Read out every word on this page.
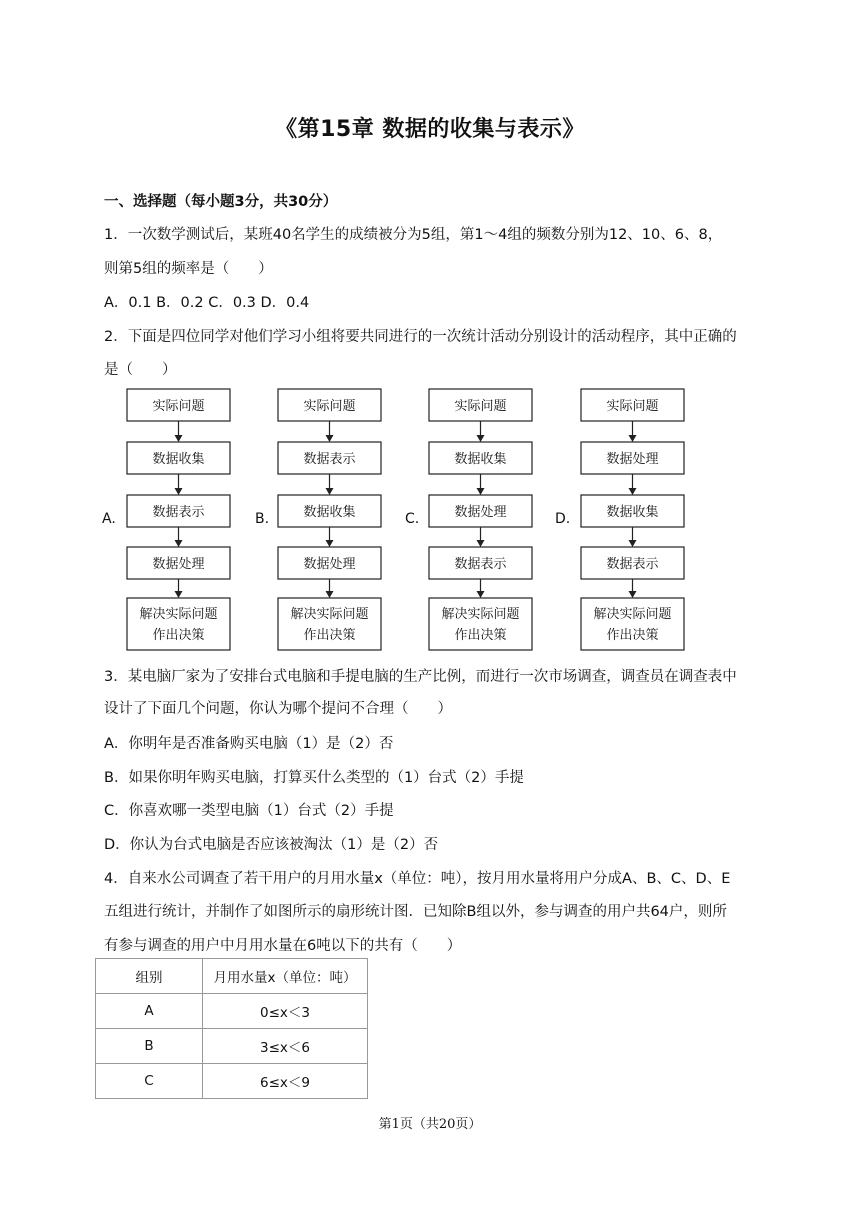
《第15章 数据的收集与表示》
一、选择题（每小题3分，共30分）
1．一次数学测试后，某班40名学生的成绩被分为5组，第1～4组的频数分别为12、10、6、8，
则第5组的频率是（　　）
A．0.1 B．0.2 C．0.3 D．0.4
2．下面是四位同学对他们学习小组将要共同进行的一次统计活动分别设计的活动程序，其中正确的
是（　　）
A.	B.	C.	D.
实际问题
数据收集
数据表示
数据处理
解决实际问题
作出决策
实际问题
数据表示
数据收集
数据处理
解决实际问题
作出决策
实际问题
数据收集
数据处理
数据表示
解决实际问题
作出决策
实际问题
数据处理
数据收集
数据表示
解决实际问题
作出决策
3．某电脑厂家为了安排台式电脑和手提电脑的生产比例，而进行一次市场调查，调查员在调查表中
设计了下面几个问题，你认为哪个提问不合理（　　）
A．你明年是否准备购买电脑（1）是（2）否
B．如果你明年购买电脑，打算买什么类型的（1）台式（2）手提
C．你喜欢哪一类型电脑（1）台式（2）手提
D．你认为台式电脑是否应该被淘汰（1）是（2）否
4．自来水公司调查了若干用户的月用水量x（单位：吨），按月用水量将用户分成A、B、C、D、E
五组进行统计，并制作了如图所示的扇形统计图．已知除B组以外，参与调查的用户共64户，则所
有参与调查的用户中月用水量在6吨以下的共有（　　）
组别	月用水量x（单位：吨）
A	0≤x＜3
B	3≤x＜6
C	6≤x＜9
第1页（共20页）
